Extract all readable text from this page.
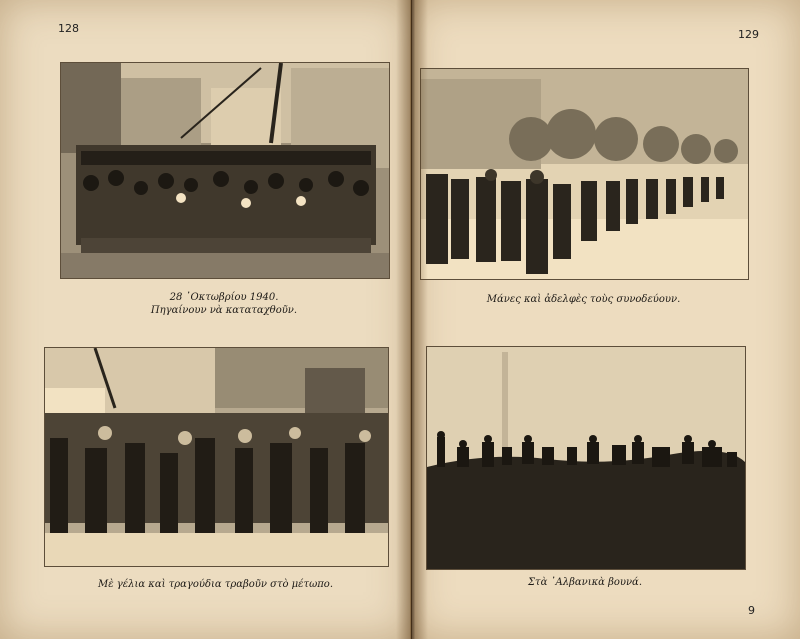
128
28 ᾽Οκτωβρίου 1940.
Πηγαίνουν νὰ καταταχθοῦν.
Μὲ γέλια καὶ τραγούδια τραβοῦν στὸ μέτωπο.
129
Μάνες καὶ ἀδελφὲς τοὺς συνοδεύουν.
Στὰ ᾽Αλβανικὰ βουνά.
9
